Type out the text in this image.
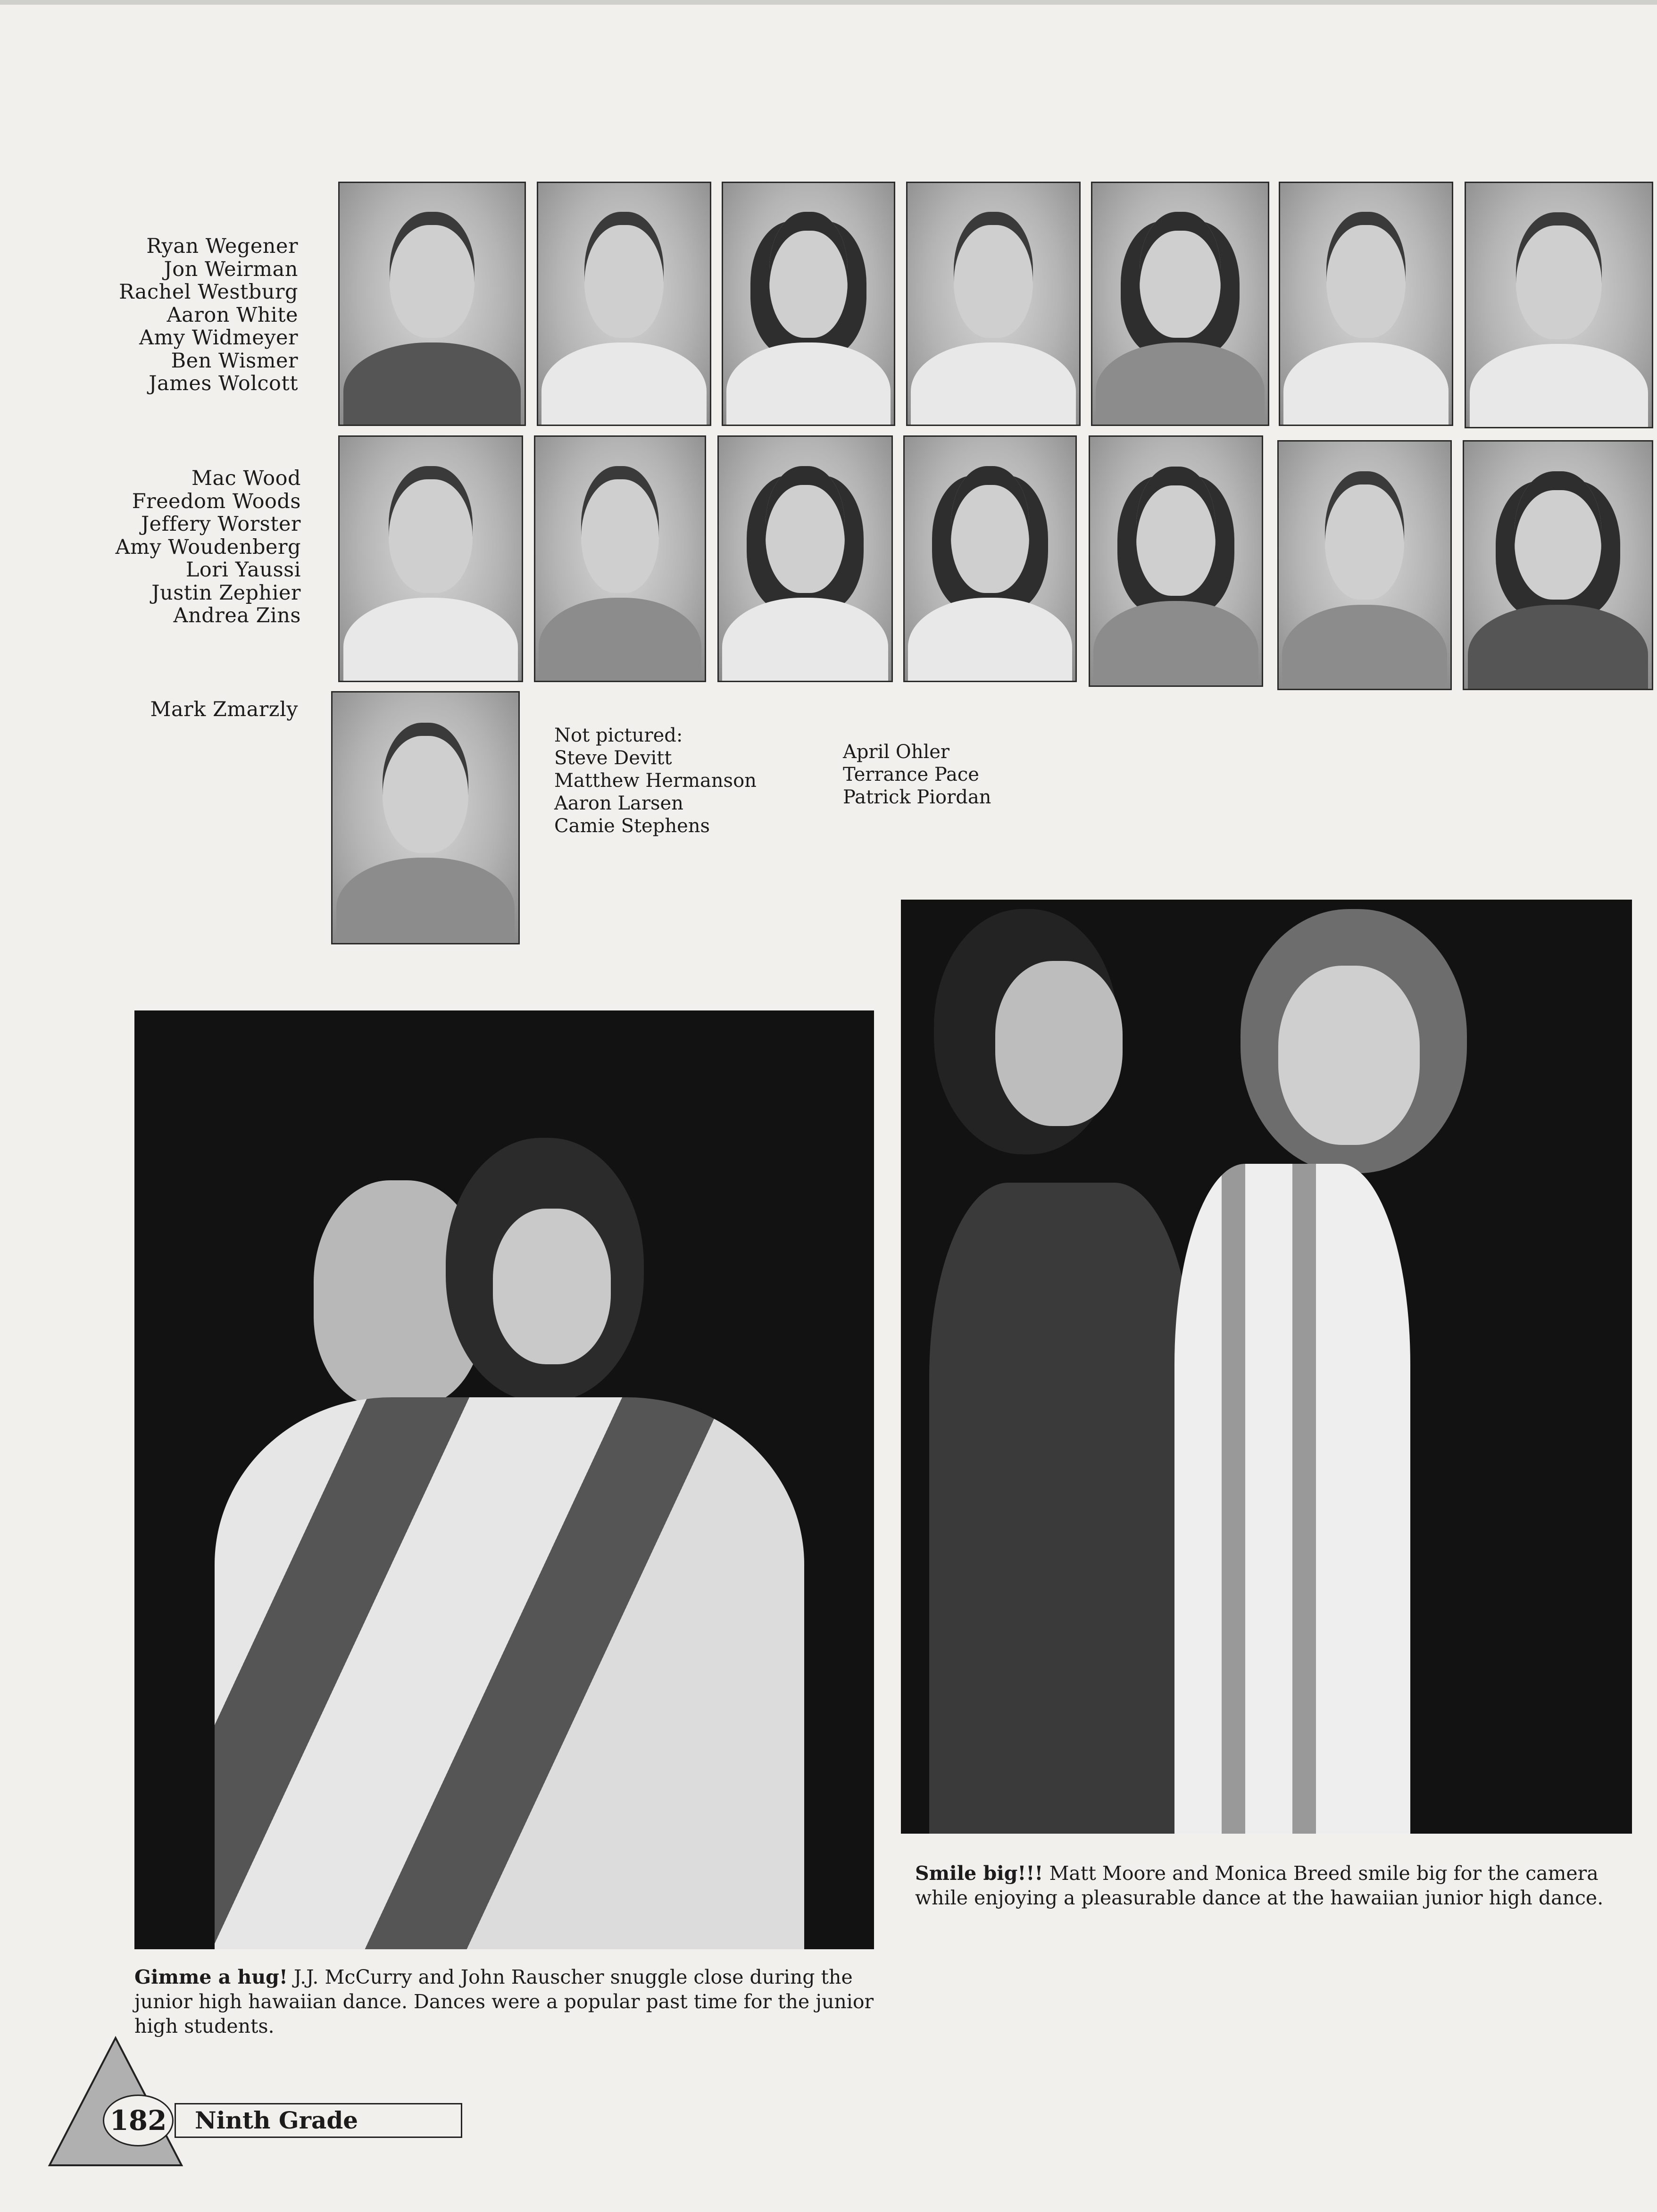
Ryan Wegener
Jon Weirman
Rachel Westburg
Aaron White
Amy Widmeyer
Ben Wismer
James Wolcott
Mac Wood
Freedom Woods
Jeffery Worster
Amy Woudenberg
Lori Yaussi
Justin Zephier
Andrea Zins
Mark Zmarzly
Not pictured:
Steve Devitt
Matthew Hermanson
Aaron Larsen
Camie Stephens
April Ohler
Terrance Pace
Patrick Piordan
Gimme a hug! J.J. McCurry and John Rauscher snuggle close during the junior high hawaiian dance. Dances were a popular past time for the junior high students.
Smile big!!! Matt Moore and Monica Breed smile big for the camera while enjoying a pleasurable dance at the hawaiian junior high dance.
182	Ninth Grade
